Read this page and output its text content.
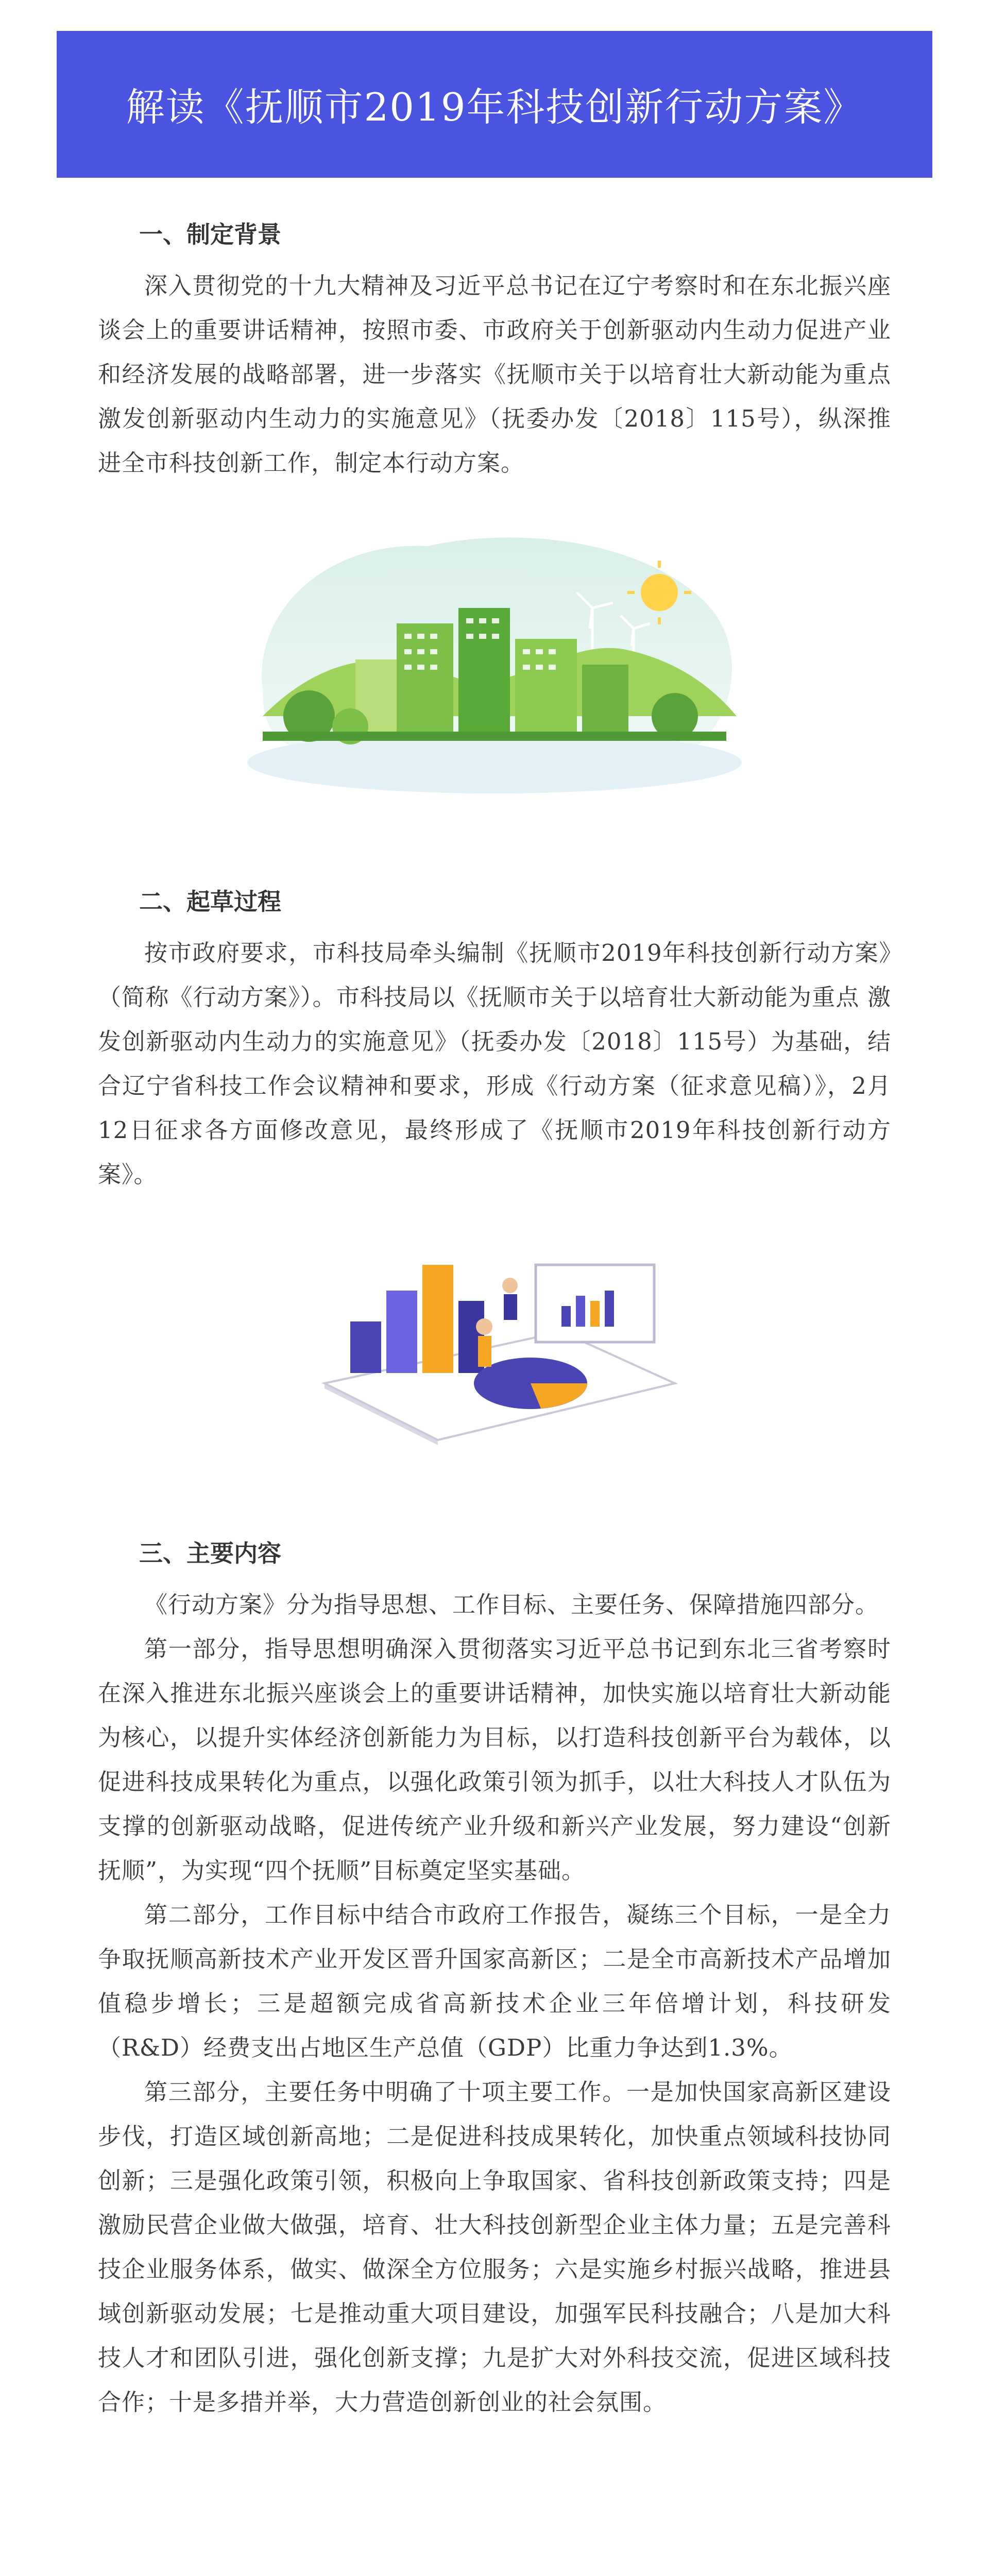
解读《抚顺市2019年科技创新行动方案》
一、制定背景

深入贯彻党的十九大精神及习近平总书记在辽宁考察时和在东北振兴座谈会上的重要讲话精神，按照市委、市政府关于创新驱动内生动力促进产业和经济发展的战略部署，进一步落实《抚顺市关于以培育壮大新动能为重点 激发创新驱动内生动力的实施意见》（抚委办发〔2018〕115号），纵深推进全市科技创新工作，制定本行动方案。

二、起草过程

按市政府要求，市科技局牵头编制《抚顺市2019年科技创新行动方案》（简称《行动方案》）。市科技局以《抚顺市关于以培育壮大新动能为重点 激发创新驱动内生动力的实施意见》（抚委办发〔2018〕115号）为基础，结合辽宁省科技工作会议精神和要求，形成《行动方案（征求意见稿）》，2月12日征求各方面修改意见，最终形成了《抚顺市2019年科技创新行动方案》。

三、主要内容

《行动方案》分为指导思想、工作目标、主要任务、保障措施四部分。

第一部分，指导思想明确深入贯彻落实习近平总书记到东北三省考察时在深入推进东北振兴座谈会上的重要讲话精神，加快实施以培育壮大新动能为核心，以提升实体经济创新能力为目标，以打造科技创新平台为载体，以促进科技成果转化为重点，以强化政策引领为抓手，以壮大科技人才队伍为支撑的创新驱动战略，促进传统产业升级和新兴产业发展，努力建设“创新抚顺”，为实现“四个抚顺”目标奠定坚实基础。

第二部分，工作目标中结合市政府工作报告，凝练三个目标，一是全力争取抚顺高新技术产业开发区晋升国家高新区；二是全市高新技术产品增加值稳步增长；三是超额完成省高新技术企业三年倍增计划，科技研发（R&D）经费支出占地区生产总值（GDP）比重力争达到1.3%。

第三部分，主要任务中明确了十项主要工作。一是加快国家高新区建设步伐，打造区域创新高地；二是促进科技成果转化，加快重点领域科技协同创新；三是强化政策引领，积极向上争取国家、省科技创新政策支持；四是激励民营企业做大做强，培育、壮大科技创新型企业主体力量；五是完善科技企业服务体系，做实、做深全方位服务；六是实施乡村振兴战略，推进县域创新驱动发展；七是推动重大项目建设，加强军民科技融合；八是加大科技人才和团队引进，强化创新支撑；九是扩大对外科技交流，促进区域科技合作；十是多措并举，大力营造创新创业的社会氛围。
